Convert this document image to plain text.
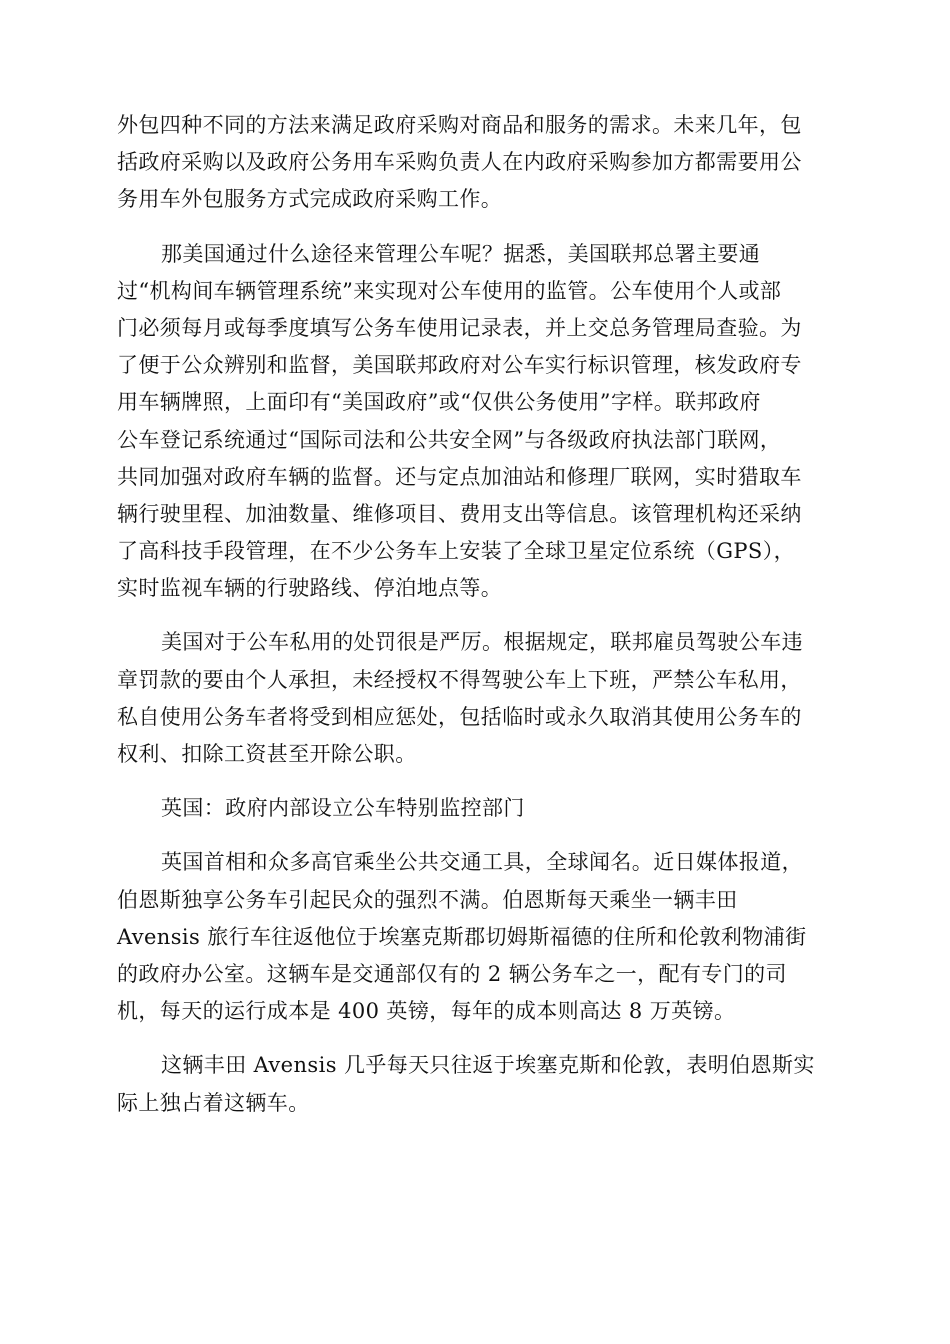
外包四种不同的方法来满足政府采购对商品和服务的需求。未来几年，包
括政府采购以及政府公务用车采购负责人在内政府采购参加方都需要用公
务用车外包服务方式完成政府采购工作。
那美国通过什么途径来管理公车呢？据悉，美国联邦总署主要通
过“机构间车辆管理系统”来实现对公车使用的监管。公车使用个人或部
门必须每月或每季度填写公务车使用记录表，并上交总务管理局查验。为
了便于公众辨别和监督，美国联邦政府对公车实行标识管理，核发政府专
用车辆牌照，上面印有“美国政府”或“仅供公务使用”字样。联邦政府
公车登记系统通过“国际司法和公共安全网”与各级政府执法部门联网，
共同加强对政府车辆的监督。还与定点加油站和修理厂联网，实时猎取车
辆行驶里程、加油数量、维修项目、费用支出等信息。该管理机构还采纳
了高科技手段管理，在不少公务车上安装了全球卫星定位系统（GPS），
实时监视车辆的行驶路线、停泊地点等。
美国对于公车私用的处罚很是严厉。根据规定，联邦雇员驾驶公车违
章罚款的要由个人承担，未经授权不得驾驶公车上下班，严禁公车私用，
私自使用公务车者将受到相应惩处，包括临时或永久取消其使用公务车的
权利、扣除工资甚至开除公职。
英国：政府内部设立公车特别监控部门
英国首相和众多高官乘坐公共交通工具，全球闻名。近日媒体报道，
伯恩斯独享公务车引起民众的强烈不满。伯恩斯每天乘坐一辆丰田
Avensis 旅行车往返他位于埃塞克斯郡切姆斯福德的住所和伦敦利物浦街
的政府办公室。这辆车是交通部仅有的 2 辆公务车之一，配有专门的司
机，每天的运行成本是 400 英镑，每年的成本则高达 8 万英镑。
这辆丰田 Avensis 几乎每天只往返于埃塞克斯和伦敦，表明伯恩斯实
际上独占着这辆车。
